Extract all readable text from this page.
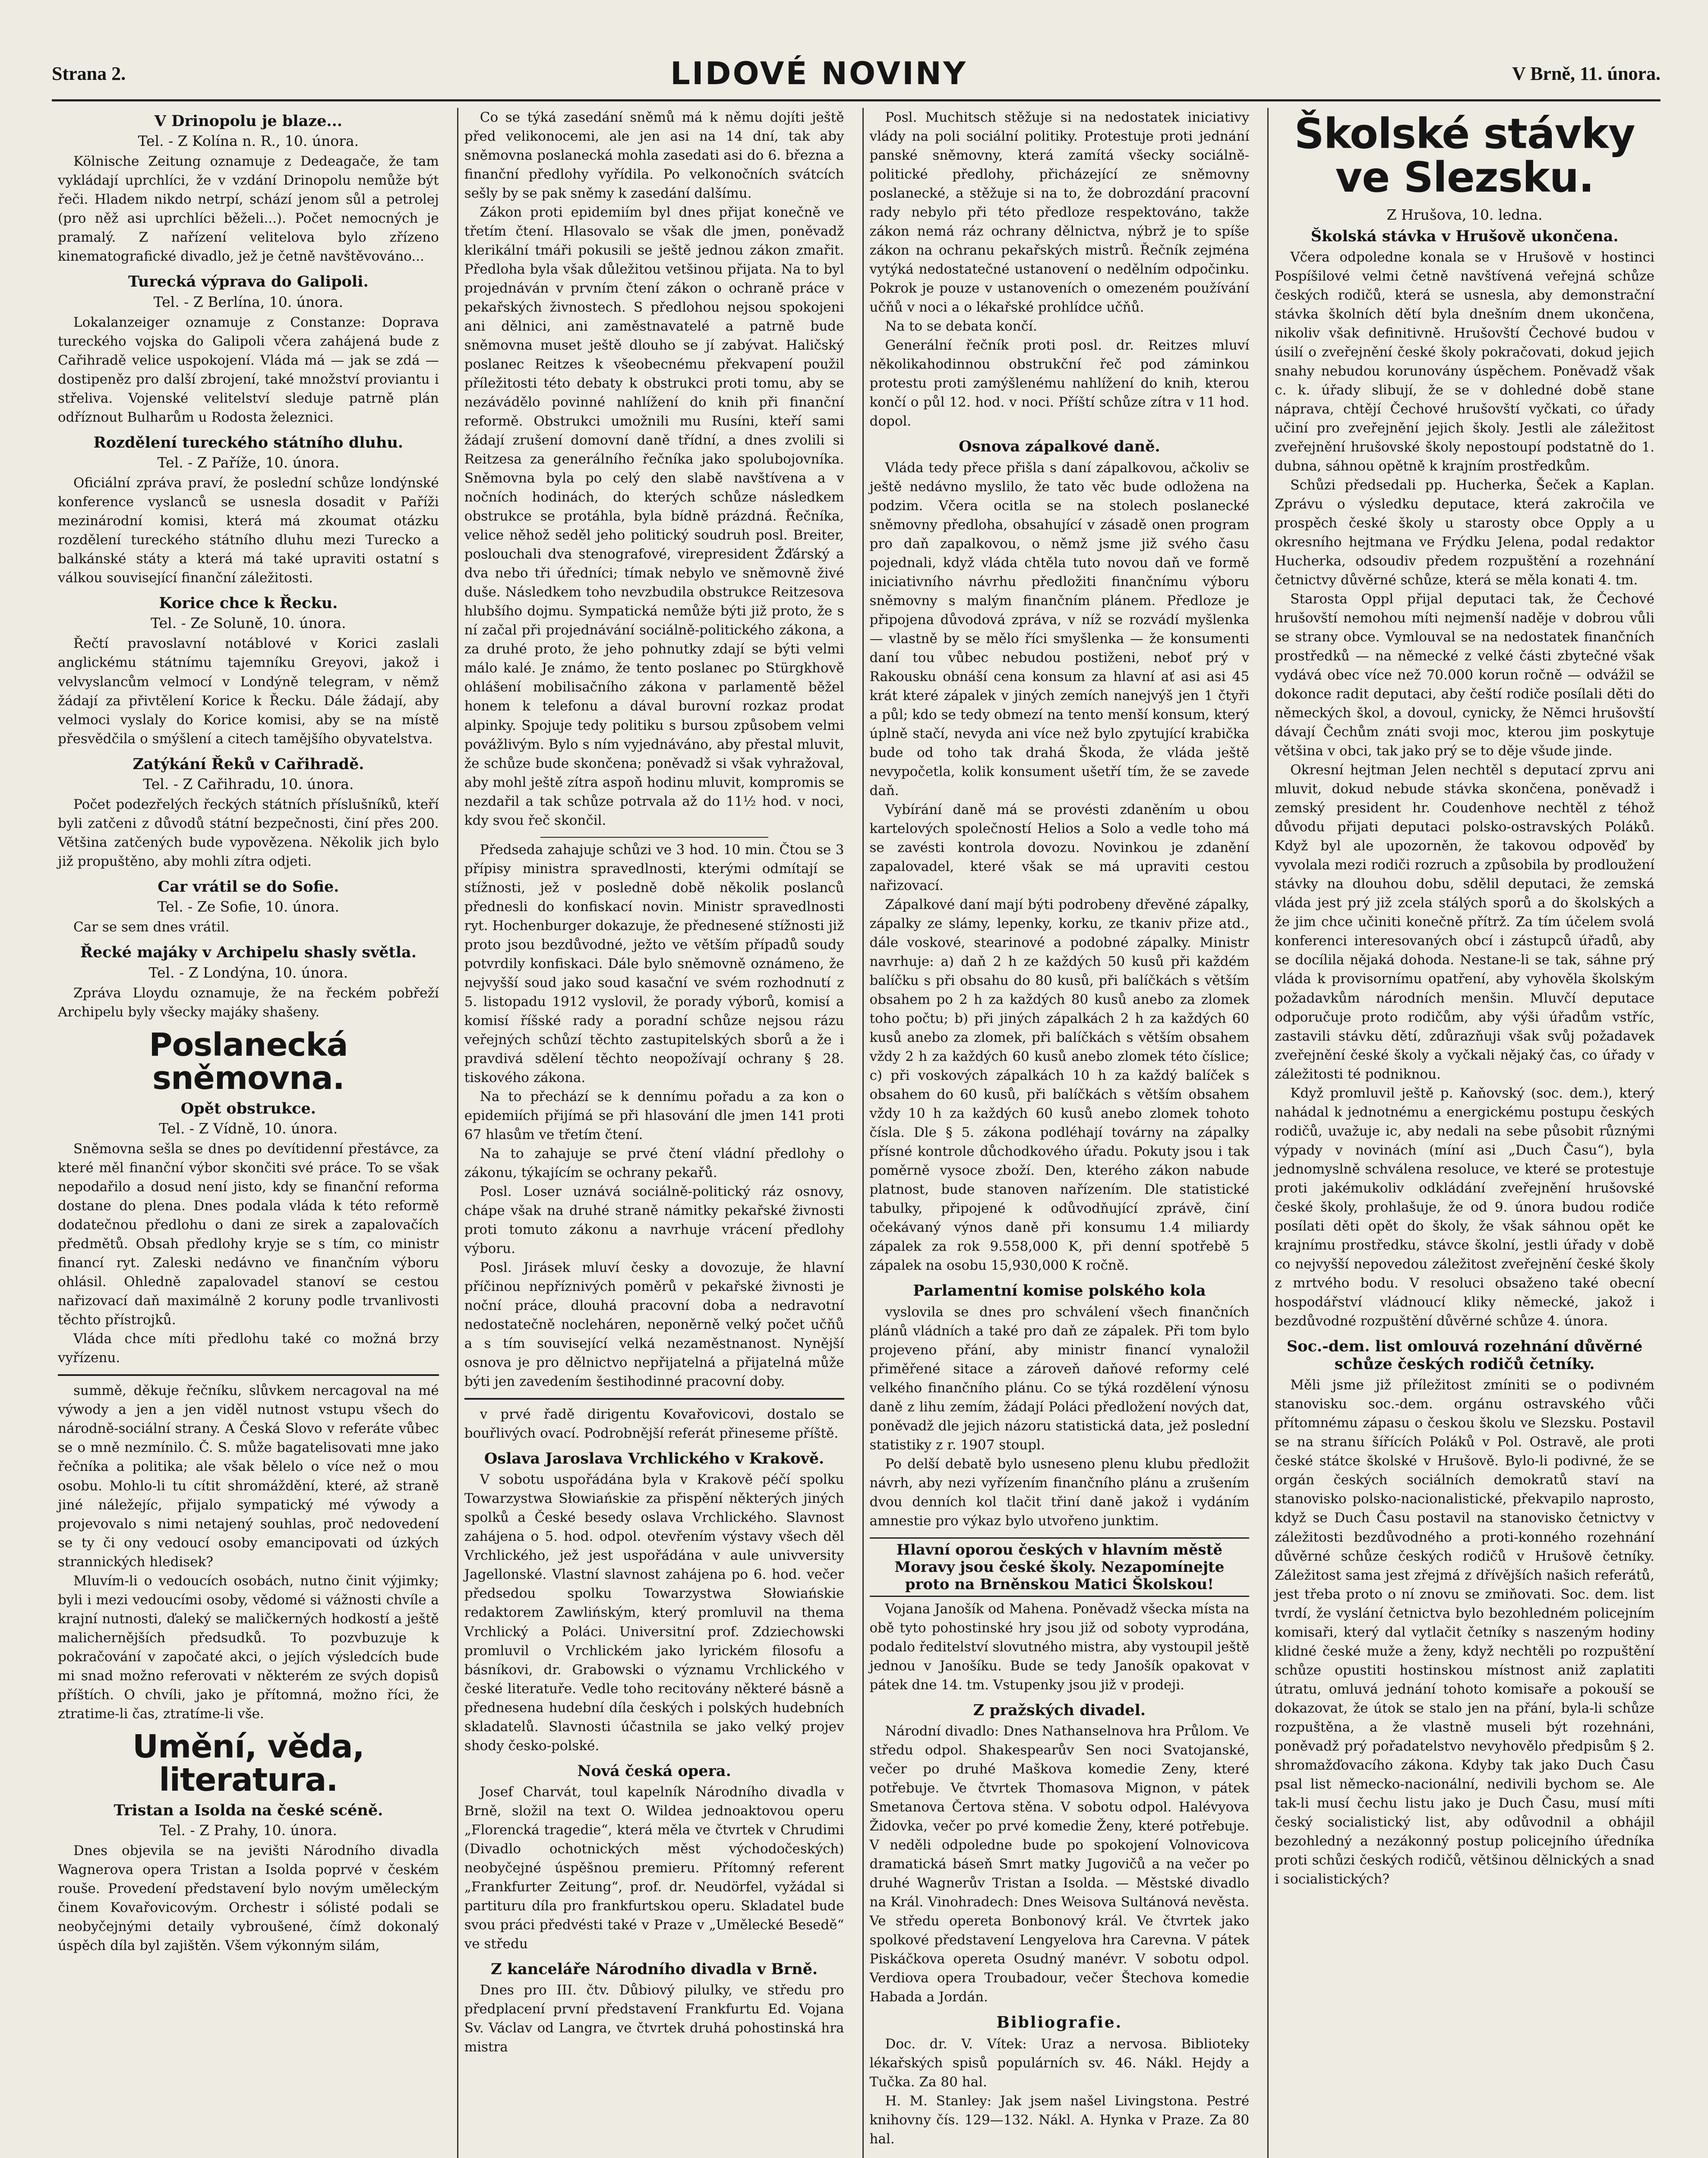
Strana 2.	LIDOVÉ NOVINY	V Brně, 11. února.
V Drinopolu je blaze...
Tel. - Z Kolína n. R., 10. února.

Kölnische Zeitung oznamuje z Dedeagače, že tam vykládají uprchlíci, že v vzdání Drinopolu nemůže být řeči. Hladem nikdo netrpí, schází jenom sůl a petrolej (pro něž asi uprchlíci běželi...). Počet nemocných je pramalý. Z nařízení velitelova bylo zřízeno kinematografické divadlo, jež je četně navštěvováno...

Turecká výprava do Galipoli.
Tel. - Z Berlína, 10. února.

Lokalanzeiger oznamuje z Constanze: Doprava tureckého vojska do Galipoli včera zahájená bude z Cařihradě velice uspokojení. Vláda má — jak se zdá — dostipeněz pro další zbrojení, také množství proviantu i střeliva. Vojenské velitelství sleduje patrně plán odříznout Bulharům u Rodosta železnici.

Rozdělení tureckého státního dluhu.
Tel. - Z Paříže, 10. února.

Oficiální zpráva praví, že poslední schůze londýnské konference vyslanců se usnesla dosadit v Paříži mezinárodní komisi, která má zkoumat otázku rozdělení tureckého státního dluhu mezi Turecko a balkánské státy a která má také upraviti ostatní s válkou související finanční záležitosti.

Korice chce k Řecku.
Tel. - Ze Soluně, 10. února.

Řečtí pravoslavní notáblové v Korici zaslali anglickému státnímu tajemníku Greyovi, jakož i velvyslancům velmocí v Londýně telegram, v němž žádají za přivtělení Korice k Řecku. Dále žádají, aby velmoci vyslaly do Korice komisi, aby se na místě přesvědčila o smýšlení a citech tamějšího obyvatelstva.

Zatýkání Řeků v Cařihradě.
Tel. - Z Cařihradu, 10. února.

Počet podezřelých řeckých státních příslušníků, kteří byli zatčeni z důvodů státní bezpečnosti, činí přes 200. Většina zatčených bude vypovězena. Několik jich bylo již propuštěno, aby mohli zítra odjeti.

Car vrátil se do Sofie.
Tel. - Ze Sofie, 10. února.

Car se sem dnes vrátil.

Řecké majáky v Archipelu shasly světla.
Tel. - Z Londýna, 10. února.

Zpráva Lloydu oznamuje, že na řeckém pobřeží Archipelu byly všecky majáky shašeny.

Poslanecká sněmovna.
Opět obstrukce.
Tel. - Z Vídně, 10. února.

Sněmovna sešla se dnes po devítidenní přestávce, za které měl finanční výbor skončiti své práce. To se však nepodařilo a dosud není jisto, kdy se finanční reforma dostane do plena. Dnes podala vláda k této reformě dodatečnou předlohu o dani ze sirek a zapalovačích předmětů. Obsah předlohy kryje se s tím, co ministr financí ryt. Zaleski nedávno ve finančním výboru ohlásil. Ohledně zapalovadel stanoví se cestou nařizovací daň maximálně 2 koruny podle trvanlivosti těchto přístrojků.

Vláda chce míti předlohu také co možná brzy vyřízenu.

summě, děkuje řečníku, slůvkem nercagoval na mé výwody a jen a jen viděl nutnost vstupu všech do národně-sociální strany. A Česká Slovo v referáte vůbec se o mně nezmínilo. Č. S. může bagatelisovati mne jako řečníka a politika; ale však bělelo o více než o mou osobu. Mohlo-li tu cítit shromáždění, které, až straně jiné náležejíc, přijalo sympatický mé výwody a projevovalo s nimi netajený souhlas, proč nedovedení se ty či ony vedoucí osoby emancipovati od úzkých strannických hledisek?

Mluvím-li o vedoucích osobách, nutno činit výjimky; byli i mezi vedoucími osoby, vědomé si vážnosti chvíle a krajní nutnosti, ďaleký se maličkerných hodkostí a ještě malichernějších předsudků. To pozvbuzuje k pokračování v započaté akci, o jejích výsledcích bude mi snad možno referovati v některém ze svých dopisů příštích. O chvíli, jako je přítomná, možno říci, že ztratime-li čas, ztratíme-li vše.

Umění, věda, literatura.
Tristan a Isolda na české scéně.
Tel. - Z Prahy, 10. února.

Dnes objevila se na jevišti Národního divadla Wagnerova opera Tristan a Isolda poprvé v českém rouše. Provedení představení bylo novým uměleckým činem Kovařovicovým. Orchestr i sólisté podali se neobyčejnými detaily vybroušené, čímž dokonalý úspěch díla byl zajištěn. Všem výkonným silám,

Co se týká zasedání sněmů má k němu dojíti ještě před velikonocemi, ale jen asi na 14 dní, tak aby sněmovna poslanecká mohla zasedati asi do 6. března a finanční předlohy vyřídila. Po velkonočních svátcích sešly by se pak sněmy k zasedání dalšímu.

Zákon proti epidemiím byl dnes přijat konečně ve třetím čtení. Hlasovalo se však dle jmen, poněvadž klerikální tmáři pokusili se ještě jednou zákon zmařit. Předloha byla však důležitou vetšinou přijata. Na to byl projednáván v prvním čtení zákon o ochraně práce v pekařských živnostech. S předlohou nejsou spokojeni ani dělnici, ani zaměstnavatelé a patrně bude sněmovna muset ještě dlouho se jí zabývat. Haličský poslanec Reitzes k všeobecnému překvapení použil příležitosti této debaty k obstrukci proti tomu, aby se nezávádělo povinné nahlížení do knih při finanční reformě. Obstrukci umožnili mu Rusíni, kteří sami žádají zrušení domovní daně třídní, a dnes zvolili si Reitzesa za generálního řečníka jako spolubojovníka. Sněmovna byla po celý den slabě navštívena a v nočních hodinách, do kterých schůze následkem obstrukce se protáhla, byla bídně prázdná. Řečníka, velice něhož seděl jeho politický soudruh posl. Breiter, poslouchali dva stenografové, virepresident Žďárský a dva nebo tři úředníci; tímak nebylo ve sněmovně živé duše. Následkem toho nevzbudila obstrukce Reitzesova hlubšího dojmu. Sympatická nemůže býti již proto, že s ní začal při projednávání sociálně-politického zákona, a za druhé proto, že jeho pohnutky zdají se býti velmi málo kalé. Je známo, že tento poslanec po Stürgkhově ohlášení mobilisačního zákona v parlamentě běžel honem k telefonu a dával burovní rozkaz prodat alpinky. Spojuje tedy politiku s bursou způsobem velmi povážlivým. Bylo s ním vyjednáváno, aby přestal mluvit, že schůze bude skončena; poněvadž si však vyhražoval, aby mohl ještě zítra aspoň hodinu mluvit, kompromis se nezdařil a tak schůze potrvala až do 11½ hod. v noci, kdy svou řeč skončil.

Předseda zahajuje schůzi ve 3 hod. 10 min. Čtou se 3 přípisy ministra spravedlnosti, kterými odmítají se stížnosti, jež v posledně době několik poslanců přednesli do konfiskací novin. Ministr spravedlnosti ryt. Hochenburger dokazuje, že přednesené stížnosti již proto jsou bezdůvodné, ježto ve větším případů soudy potvrdily konfiskaci. Dále bylo sněmovně oznámeno, že nejvyšší soud jako soud kasační ve svém rozhodnutí z 5. listopadu 1912 vyslovil, že porady výborů, komisí a komisí říšské rady a poradní schůze nejsou rázu veřejných schůzí těchto zastupitelských sborů a že i pravdivá sdělení těchto neopožívají ochrany § 28. tiskového zákona.

Na to přechází se k dennímu pořadu a za kon o epidemiích přijímá se při hlasování dle jmen 141 proti 67 hlasům ve třetím čtení.

Na to zahajuje se prvé čtení vládní předlohy o zákonu, týkajícím se ochrany pekařů.

Posl. Loser uznává sociálně-politický ráz osnovy, chápe však na druhé straně námitky pekařské živnosti proti tomuto zákonu a navrhuje vrácení předlohy výboru.

Posl. Jirásek mluví česky a dovozuje, že hlavní příčinou nepříznivých poměrů v pekařské živnosti je noční práce, dlouhá pracovní doba a nedravotní nedostatečně nocleháren, neponěrně velký počet učňů a s tím související velká nezaměstnanost. Nynější osnova je pro dělnictvo nepřijatelná a přijatelná může býti jen zavedením šestihodinné pracovní doby.

v prvé řadě dirigentu Kovařovicovi, dostalo se bouřlivých ovací. Podrobnější referát přineseme příště.

Oslava Jaroslava Vrchlického v Krakově.

V sobotu uspořádána byla v Krakově péčí spolku Towarzystwa Słowiańskie za přispění některých jiných spolků a České besedy oslava Vrchlického. Slavnost zahájena o 5. hod. odpol. otevřením výstavy všech děl Vrchlického, jež jest uspořádána v aule univversity Jagellonské. Vlastní slavnost zahájena po 6. hod. večer předsedou spolku Towarzystwa Słowiańskie redaktorem Zawlińským, který promluvil na thema Vrchlický a Poláci. Universitní prof. Zdziechowski promluvil o Vrchlickém jako lyrickém filosofu a básníkovi, dr. Grabowski o významu Vrchlického v české literatuře. Vedle toho recitovány některé básně a přednesena hudební díla českých i polských hudebních skladatelů. Slavnosti účastnila se jako velký projev shody česko-polské.

Nová česká opera.

Josef Charvát, toul kapelník Národního divadla v Brně, složil na text O. Wildea jednoaktovou operu „Florencká tragedie“, která měla ve čtvrtek v Chrudimi (Divadlo ochotnických měst východočeských) neobyčejné úspěšnou premieru. Přítomný referent „Frankfurter Zeitung“, prof. dr. Neudörfel, vyžádal si partituru díla pro frankfurtskou operu. Skladatel bude svou práci předvésti také v Praze v „Umělecké Besedě“ ve středu

Z kanceláře Národního divadla v Brně.

Dnes pro III. čtv. Důbiový pilulky, ve středu pro předplacení první představení Frankfurtu Ed. Vojana Sv. Václav od Langra, ve čtvrtek druhá pohostinská hra mistra

Posl. Muchitsch stěžuje si na nedostatek iniciativy vlády na poli sociální politiky. Protestuje proti jednání panské sněmovny, která zamítá všecky sociálně-politické předlohy, přicházející ze sněmovny poslanecké, a stěžuje si na to, že dobrozdání pracovní rady nebylo při této předloze respektováno, takže zákon nemá ráz ochrany dělnictva, nýbrž je to spíše zákon na ochranu pekařských mistrů. Řečník zejména vytýká nedostatečné ustanovení o nedělním odpočinku. Pokrok je pouze v ustanoveních o omezeném používání učňů v noci a o lékařské prohlídce učňů.

Na to se debata končí.

Generální řečník proti posl. dr. Reitzes mluví několikahodinnou obstrukční řeč pod záminkou protestu proti zamýšlenému nahlížení do knih, kterou končí o půl 12. hod. v noci. Příští schůze zítra v 11 hod. dopol.

Osnova zápalkové daně.

Vláda tedy přece přišla s daní zápalkovou, ačkoliv se ještě nedávno myslilo, že tato věc bude odložena na podzim. Včera ocitla se na stolech poslanecké sněmovny předloha, obsahující v zásadě onen program pro daň zapalkovou, o němž jsme již svého času pojednali, když vláda chtěla tuto novou daň ve formě iniciativního návrhu předložiti finančnímu výboru sněmovny s malým finančním plánem. Předloze je připojena důvodová zpráva, v níž se rozvádí myšlenka — vlastně by se mělo říci smyšlenka — že konsumenti daní tou vůbec nebudou postiženi, neboť prý v Rakousku obnáší cena konsum za hlavní ať asi asi 45 krát které zápalek v jiných zemích nanejvýš jen 1 čtyři a půl; kdo se tedy obmezí na tento menší konsum, který úplně stačí, nevyda ani více než bylo zpytující krabička bude od toho tak drahá Škoda, že vláda ještě nevypočetla, kolik konsument ušetří tím, že se zavede daň.

Vybírání daně má se provésti zdaněním u obou kartelových společností Helios a Solo a vedle toho má se zavésti kontrola dovozu. Novinkou je zdanění zapalovadel, které však se má upraviti cestou nařizovací.

Zápalkové daní mají býti podrobeny dřevěné zápalky, zápalky ze slámy, lepenky, korku, ze tkaniv přize atd., dále voskové, stearinové a podobné zápalky. Ministr navrhuje: a) daň 2 h ze každých 50 kusů při každém balíčku s při obsahu do 80 kusů, při balíčkách s větším obsahem po 2 h za každých 80 kusů anebo za zlomek toho počtu; b) při jiných zápalkách 2 h za každých 60 kusů anebo za zlomek, při balíčkách s větším obsahem vždy 2 h za každých 60 kusů anebo zlomek této číslice; c) při voskových zápalkách 10 h za každý balíček s obsahem do 60 kusů, při balíčkách s větším obsahem vždy 10 h za každých 60 kusů anebo zlomek tohoto čísla. Dle § 5. zákona podléhají továrny na zápalky přísné kontrole důchodkového úřadu. Pokuty jsou i tak poměrně vysoce zboží. Den, kterého zákon nabude platnost, bude stanoven nařízením. Dle statistické tabulky, připojené k odůvodňující zprávě, činí očekávaný výnos daně při konsumu 1.4 miliardy zápalek za rok 9.558,000 K, při denní spotřebě 5 zápalek na osobu 15,930,000 K ročně.

Parlamentní komise polského kola

vyslovila se dnes pro schválení všech finančních plánů vládních a také pro daň ze zápalek. Při tom bylo projeveno přání, aby ministr financí vynaložil přiměřené sitace a zároveň daňové reformy celé velkého finančního plánu. Co se týká rozdělení výnosu daně z lihu zemím, žádají Poláci předložení nových dat, poněvadž dle jejich názoru statistická data, jež poslední statistiky z r. 1907 stoupl.

Po delší debatě bylo usneseno plenu klubu předložit návrh, aby nezi vyřízením finančního plánu a zrušením dvou denních kol tlačit třiní daně jakož i vydáním amnestie pro výkaz bylo utvořeno junktim.

Hlavní oporou českých v hlavním městě Moravy jsou české školy. Nezapomínejte proto na Brněnskou Matici Školskou!

Vojana Janošík od Mahena. Poněvadž všecka místa na obě tyto pohostinské hry jsou již od soboty vyprodána, podalo ředitelství slovutného mistra, aby vystoupil ještě jednou v Janošíku. Bude se tedy Janošík opakovat v pátek dne 14. tm. Vstupenky jsou již v prodeji.

Z pražských divadel.

Národní divadlo: Dnes Nathanselnova hra Průlom. Ve středu odpol. Shakespearův Sen noci Svatojanské, večer po druhé Maškova komedie Zeny, které potřebuje. Ve čtvrtek Thomasova Mignon, v pátek Smetanova Čertova stěna. V sobotu odpol. Halévyova Židovka, večer po prvé komedie Ženy, které potřebuje. V neděli odpoledne bude po spokojení Volnovicova dramatická báseň Smrt matky Jugovičů a na večer po druhé Wagnerův Tristan a Isolda. — Městské divadlo na Král. Vinohradech: Dnes Weisova Sultánová nevěsta. Ve středu opereta Bonbonový král. Ve čtvrtek jako spolkové představení Lengyelova hra Carevna. V pátek Piskáčkova opereta Osudný manévr. V sobotu odpol. Verdiova opera Troubadour, večer Štechova komedie Habada a Jordán.

Bibliografie.

Doc. dr. V. Vítek: Uraz a nervosa. Biblioteky lékařských spisů populárních sv. 46. Nákl. Hejdy a Tučka. Za 80 hal.

H. M. Stanley: Jak jsem našel Livingstona. Pestré knihovny čís. 129—132. Nákl. A. Hynka v Praze. Za 80 hal.

Školské stávky ve Slezsku.
Z Hrušova, 10. ledna.
Školská stávka v Hrušově ukončena.

Včera odpoledne konala se v Hrušově v hostinci Pospíšilové velmi četně navštívená veřejná schůze českých rodičů, která se usnesla, aby demonstrační stávka školních dětí byla dnešním dnem ukončena, nikoliv však definitivně. Hrušovští Čechové budou v úsilí o zveřejnění české školy pokračovati, dokud jejich snahy nebudou korunovány úspěchem. Poněvadž však c. k. úřady slibují, že se v dohledné době stane náprava, chtějí Čechové hrušovští vyčkati, co úřady učiní pro zveřejnění jejich školy. Jestli ale záležitost zveřejnění hrušovské školy nepostoupí podstatně do 1. dubna, sáhnou opětně k krajním prostředkům.

Schůzi předsedali pp. Hucherka, Šeček a Kaplan. Zprávu o výsledku deputace, která zakročila ve prospěch české školy u starosty obce Opply a u okresního hejtmana ve Frýdku Jelena, podal redaktor Hucherka, odsoudiv předem rozpuštění a rozehnání četnictvy důvěrné schůze, která se měla konati 4. tm.

Starosta Oppl přijal deputaci tak, že Čechové hrušovští nemohou míti nejmenší naděje v dobrou vůli se strany obce. Vymlouval se na nedostatek finančních prostředků — na německé z velké části zbytečné však vydává obec více než 70.000 korun ročně — odvážil se dokonce radit deputaci, aby čeští rodiče posílali děti do německých škol, a dovoul, cynicky, že Němci hrušovští dávají Čechům znáti svoji moc, kterou jim poskytuje většina v obci, tak jako prý se to děje všude jinde.

Okresní hejtman Jelen nechtěl s deputací zprvu ani mluvit, dokud nebude stávka skončena, poněvadž i zemský president hr. Coudenhove nechtěl z téhož důvodu přijati deputaci polsko-ostravských Poláků. Když byl ale upozorněn, že takovou odpověď by vyvolala mezi rodiči rozruch a způsobila by prodloužení stávky na dlouhou dobu, sdělil deputaci, že zemská vláda jest prý již zcela stálých sporů a do školských a že jim chce učiniti konečně přítrž. Za tím účelem svolá konferenci interesovaných obcí i zástupců úřadů, aby se docílila nějaká dohoda. Nestane-li se tak, sáhne prý vláda k provisornímu opatření, aby vyhověla školským požadavkům národních menšin. Mluvčí deputace odporučuje proto rodičům, aby výši úřadům vstříc, zastavili stávku dětí, zdůrazňuji však svůj požadavek zveřejnění české školy a vyčkali nějaký čas, co úřady v záležitosti té podniknou.

Když promluvil ještě p. Kaňovský (soc. dem.), který nahádal k jednotnému a energickému postupu českých rodičů, uvažuje ic, aby nedali na sebe působit různými výpady v novinách (míní asi „Duch Času“), byla jednomyslně schválena resoluce, ve které se protestuje proti jakémukoliv odkládání zveřejnění hrušovské české školy, prohlašuje, že od 9. února budou rodiče posílati děti opět do školy, že však sáhnou opět ke krajnímu prostředku, stávce školní, jestli úřady v době co nejvyšší nepovedou záležitost zveřejnění české školy z mrtvého bodu. V resoluci obsaženo také obecní hospodářství vládnoucí kliky německé, jakož i bezdůvodné rozpuštění důvěrné schůze 4. února.

Soc.-dem. list omlouvá rozehnání důvěrné schůze českých rodičů četníky.

Měli jsme již příležitost zmíniti se o podivném stanovisku soc.-dem. orgánu ostravského vůči přítomnému zápasu o českou školu ve Slezsku. Postavil se na stranu šířících Poláků v Pol. Ostravě, ale proti české státce školské v Hrušově. Bylo-li podivné, že se orgán českých sociálních demokratů staví na stanovisko polsko-nacionalistické, překvapilo naprosto, když se Duch Času postavil na stanovisko četnictvy v záležitosti bezdůvodného a proti-konného rozehnání důvěrné schůze českých rodičů v Hrušově četníky. Záležitost sama jest zřejmá z dřívějších našich referátů, jest třeba proto o ní znovu se zmiňovati. Soc. dem. list tvrdí, že vyslání četnictva bylo bezohledném policejním komisaři, který dal vytlačit četníky s naszeným hodiny klidné české muže a ženy, když nechtěli po rozpuštění schůze opustiti hostinskou místnost aniž zaplatiti útratu, omluvá jednání tohoto komisaře a pokouší se dokazovat, že útok se stalo jen na přání, byla-li schůze rozpuštěna, a že vlastně museli být rozehnáni, poněvadž prý pořadatelstvo nevyhovělo předpisům § 2. shromažďovacího zákona. Kdyby tak jako Duch Času psal list německo-nacionální, nedivili bychom se. Ale tak-li musí čechu listu jako je Duch Času, musí míti český socialistický list, aby odůvodnil a obhájil bezohledný a nezákonný postup policejního úředníka proti schůzi českých rodičů, většinou dělnických a snad i socialistických?
